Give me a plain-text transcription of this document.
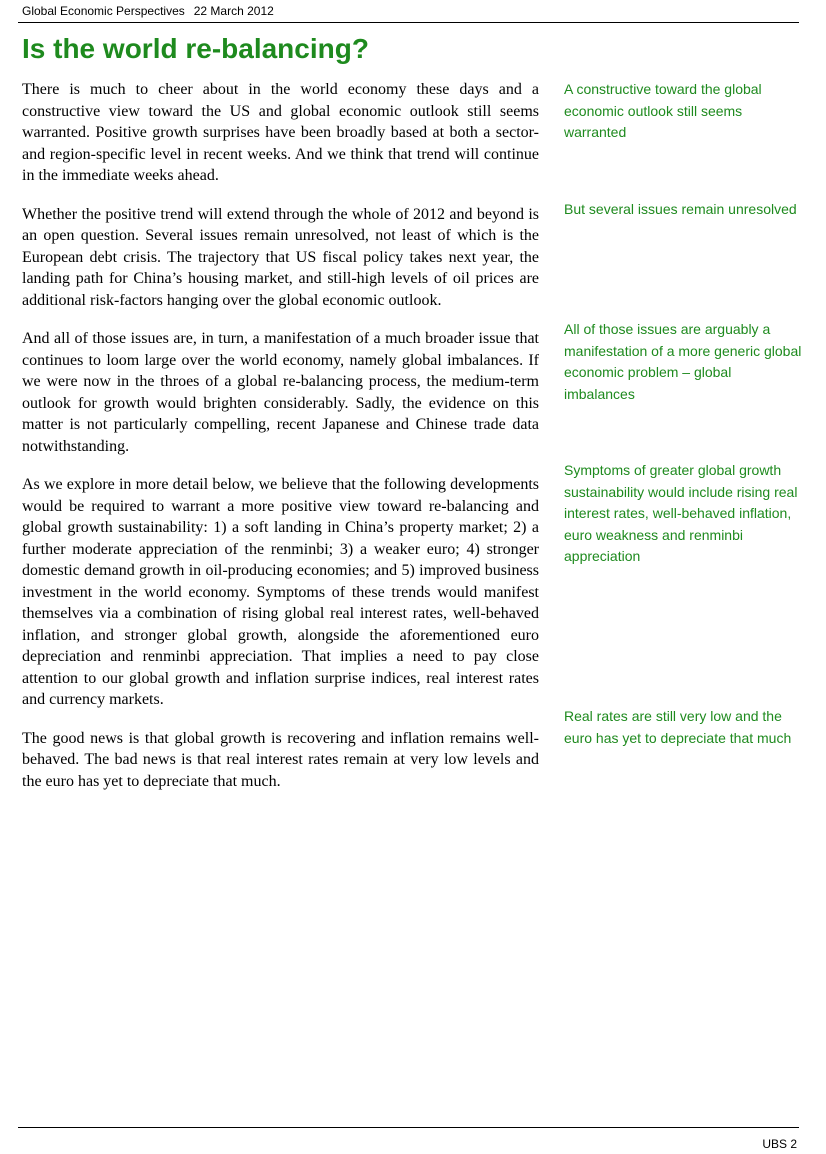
Global Economic Perspectives 22 March 2012
Is the world re-balancing?

There is much to cheer about in the world economy these days and a constructive view toward the US and global economic outlook still seems warranted. Positive growth surprises have been broadly based at both a sector- and region-specific level in recent weeks. And we think that trend will continue in the immediate weeks ahead.

Whether the positive trend will extend through the whole of 2012 and beyond is an open question. Several issues remain unresolved, not least of which is the European debt crisis. The trajectory that US fiscal policy takes next year, the landing path for China’s housing market, and still-high levels of oil prices are additional risk-factors hanging over the global economic outlook.

And all of those issues are, in turn, a manifestation of a much broader issue that continues to loom large over the world economy, namely global imbalances. If we were now in the throes of a global re-balancing process, the medium-term outlook for growth would brighten considerably. Sadly, the evidence on this matter is not particularly compelling, recent Japanese and Chinese trade data notwithstanding.

As we explore in more detail below, we believe that the following developments would be required to warrant a more positive view toward re-balancing and global growth sustainability: 1) a soft landing in China’s property market; 2) a further moderate appreciation of the renminbi; 3) a weaker euro; 4) stronger domestic demand growth in oil-producing economies; and 5) improved business investment in the world economy. Symptoms of these trends would manifest themselves via a combination of rising global real interest rates, well-behaved inflation, and stronger global growth, alongside the aforementioned euro depreciation and renminbi appreciation. That implies a need to pay close attention to our global growth and inflation surprise indices, real interest rates and currency markets.

The good news is that global growth is recovering and inflation remains well-behaved. The bad news is that real interest rates remain at very low levels and the euro has yet to depreciate that much.

A constructive toward the global economic outlook still seems warranted

But several issues remain unresolved

All of those issues are arguably a manifestation of a more generic global economic problem – global imbalances

Symptoms of greater global growth sustainability would include rising real interest rates, well-behaved inflation, euro weakness and renminbi appreciation

Real rates are still very low and the euro has yet to depreciate that much

UBS 2
